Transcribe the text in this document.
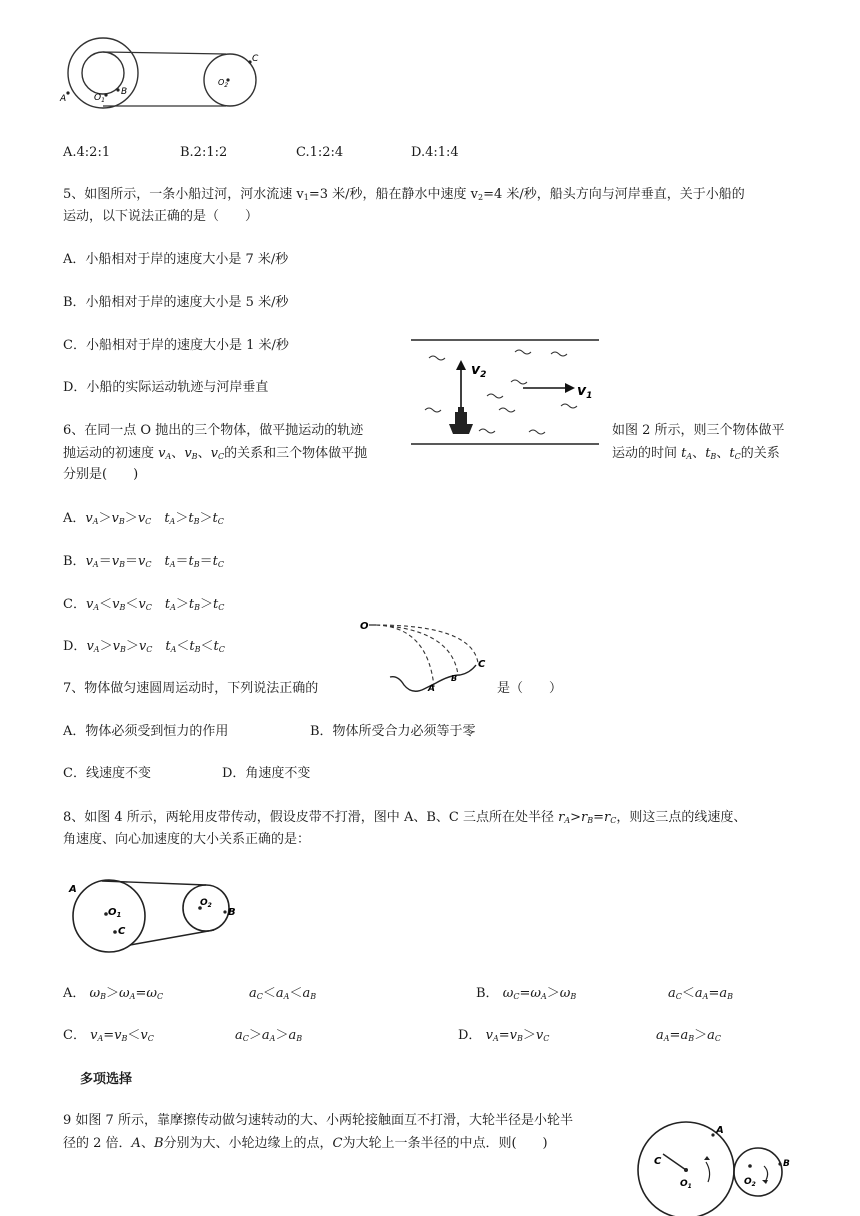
A
B
$O_1$
$O_2$
C
A.4:2:1	B.2:1:2	C.1:2:4	D.4:1:4
5、如图所示，一条小船过河，河水流速 v1=3 米/秒，船在静水中速度 v2=4 米/秒，船头方向与河岸垂直，关于小船的
运动，以下说法正确的是（　　）
A．小船相对于岸的速度大小是 7 米/秒
B．小船相对于岸的速度大小是 5 米/秒
C．小船相对于岸的速度大小是 1 米/秒
D．小船的实际运动轨迹与河岸垂直
$v_2$
$v_1$
6、在同一点 O 抛出的三个物体，做平抛运动的轨迹	如图 2 所示，则三个物体做平
抛运动的初速度 $v_A$、$v_B$、$v_C$的关系和三个物体做平抛	运动的时间 $t_A$、$t_B$、$t_C$的关系
分别是(　　)
A．$v_A>v_B>v_C$　 $t_A>t_B>t_C$
B．$v_A=v_B=v_C$　 $t_A=t_B=t_C$
C．$v_A<v_B<v_C$　 $t_A>t_B>t_C$
D．$v_A>v_B>v_C$　 $t_A<t_B<t_C$
O
A
B
C
7、物体做匀速圆周运动时，下列说法正确的	是（　　）
A．物体必须受到恒力的作用	B．物体所受合力必须等于零
C．线速度不变	D．角速度不变
8、如图 4 所示，两轮用皮带传动，假设皮带不打滑，图中 A、B、C 三点所在处半径 $r_A>r_B=r_C$，则这三点的线速度、
角速度、向心加速度的大小关系正确的是：
A
$O_1$
C
$O_2$
B
A． $\omega_B>\omega_A=\omega_C$	$a_C<a_A<a_B$	B． $\omega_C=\omega_A>\omega_B$	$a_C<a_A=a_B$
C． $v_A=v_B<v_C$	$a_C>a_A>a_B$	D． $v_A=v_B>v_C$	$a_A=a_B>a_C$
多项选择
9 如图 7 所示，靠摩擦传动做匀速转动的大、小两轮接触面互不打滑，大轮半径是小轮半
径的 2 倍．A、B分别为大、小轮边缘上的点，C为大轮上一条半径的中点．则(　　)
A
C
$O_1$	$O_2$
B
